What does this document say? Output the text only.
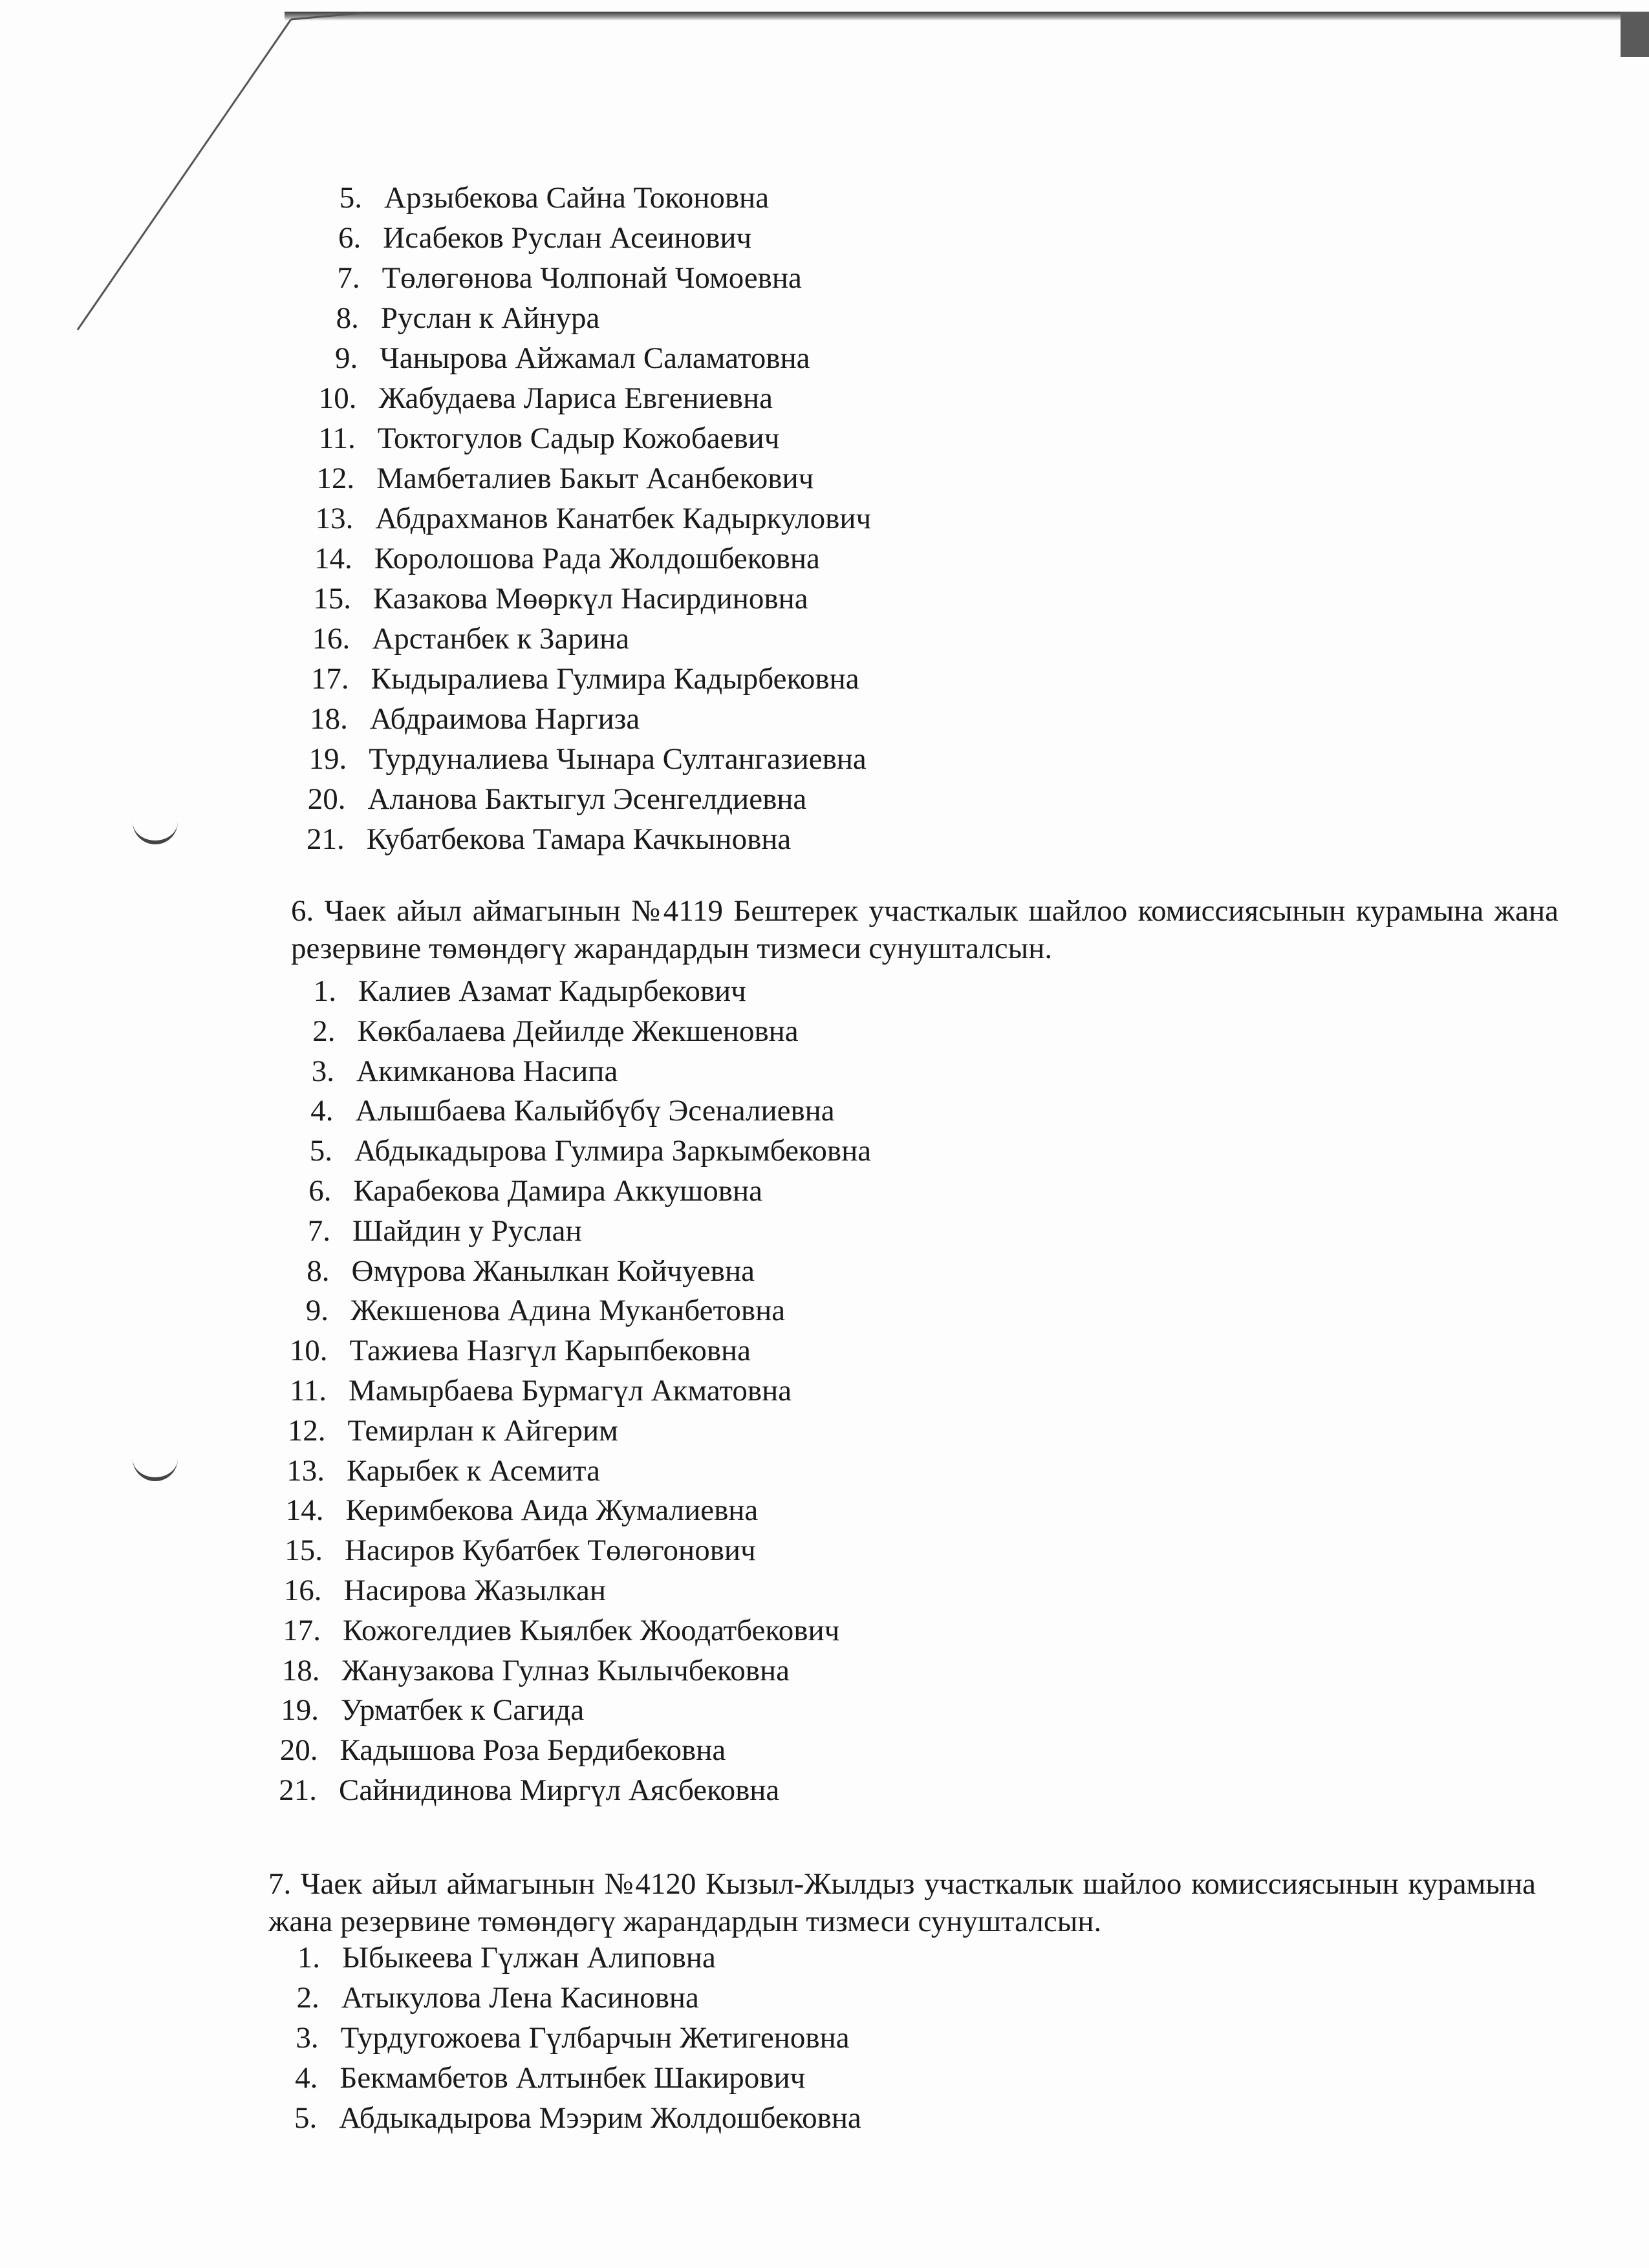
5. Арзыбекова Сайна Токоновна
6. Исабеков Руслан Асеинович
7. Төлөгөнова Чолпонай Чомоевна
8. Руслан к Айнура
9. Чанырова Айжамал Саламатовна
10. Жабудаева Лариса Евгениевна
11. Токтогулов Садыр Кожобаевич
12. Мамбеталиев Бакыт Асанбекович
13. Абдрахманов Канатбек Кадыркулович
14. Королошова Рада Жолдошбековна
15. Казакова Мөөркүл Насирдиновна
16. Арстанбек к Зарина
17. Кыдыралиева Гулмира Кадырбековна
18. Абдраимова Наргиза
19. Турдуналиева Чынара Султангазиевна
20. Аланова Бактыгул Эсенгелдиевна
21. Кубатбекова Тамара Качкыновна
6. Чаек айыл аймагынын №4119 Бештерек участкалык шайлоо комиссиясынын курамына жана резервине төмөндөгү жарандардын тизмеси сунушталсын.
1. Калиев Азамат Кадырбекович
2. Көкбалаева Дейилде Жекшеновна
3. Акимканова Насипа
4. Алышбаева Калыйбүбү Эсеналиевна
5. Абдыкадырова Гулмира Заркымбековна
6. Карабекова Дамира Аккушовна
7. Шайдин у Руслан
8. Өмүрова Жанылкан Койчуевна
9. Жекшенова Адина Муканбетовна
10. Тажиева Назгүл Карыпбековна
11. Мамырбаева Бурмагүл Акматовна
12. Темирлан к Айгерим
13. Карыбек к Асемита
14. Керимбекова Аида Жумалиевна
15. Насиров Кубатбек Төлөгонович
16. Насирова Жазылкан
17. Кожогелдиев Кыялбек Жоодатбекович
18. Жанузакова Гулназ Кылычбековна
19. Урматбек к Сагида
20. Кадышова Роза Бердибековна
21. Сайнидинова Миргүл Аясбековна
7. Чаек айыл аймагынын №4120 Кызыл-Жылдыз участкалык шайлоо комиссиясынын курамына жана резервине төмөндөгү жарандардын тизмеси сунушталсын.
1. Ыбыкеева Гүлжан Алиповна
2. Атыкулова Лена Касиновна
3. Турдугожоева Гүлбарчын Жетигеновна
4. Бекмамбетов Алтынбек Шакирович
5. Абдыкадырова Мээрим Жолдошбековна
